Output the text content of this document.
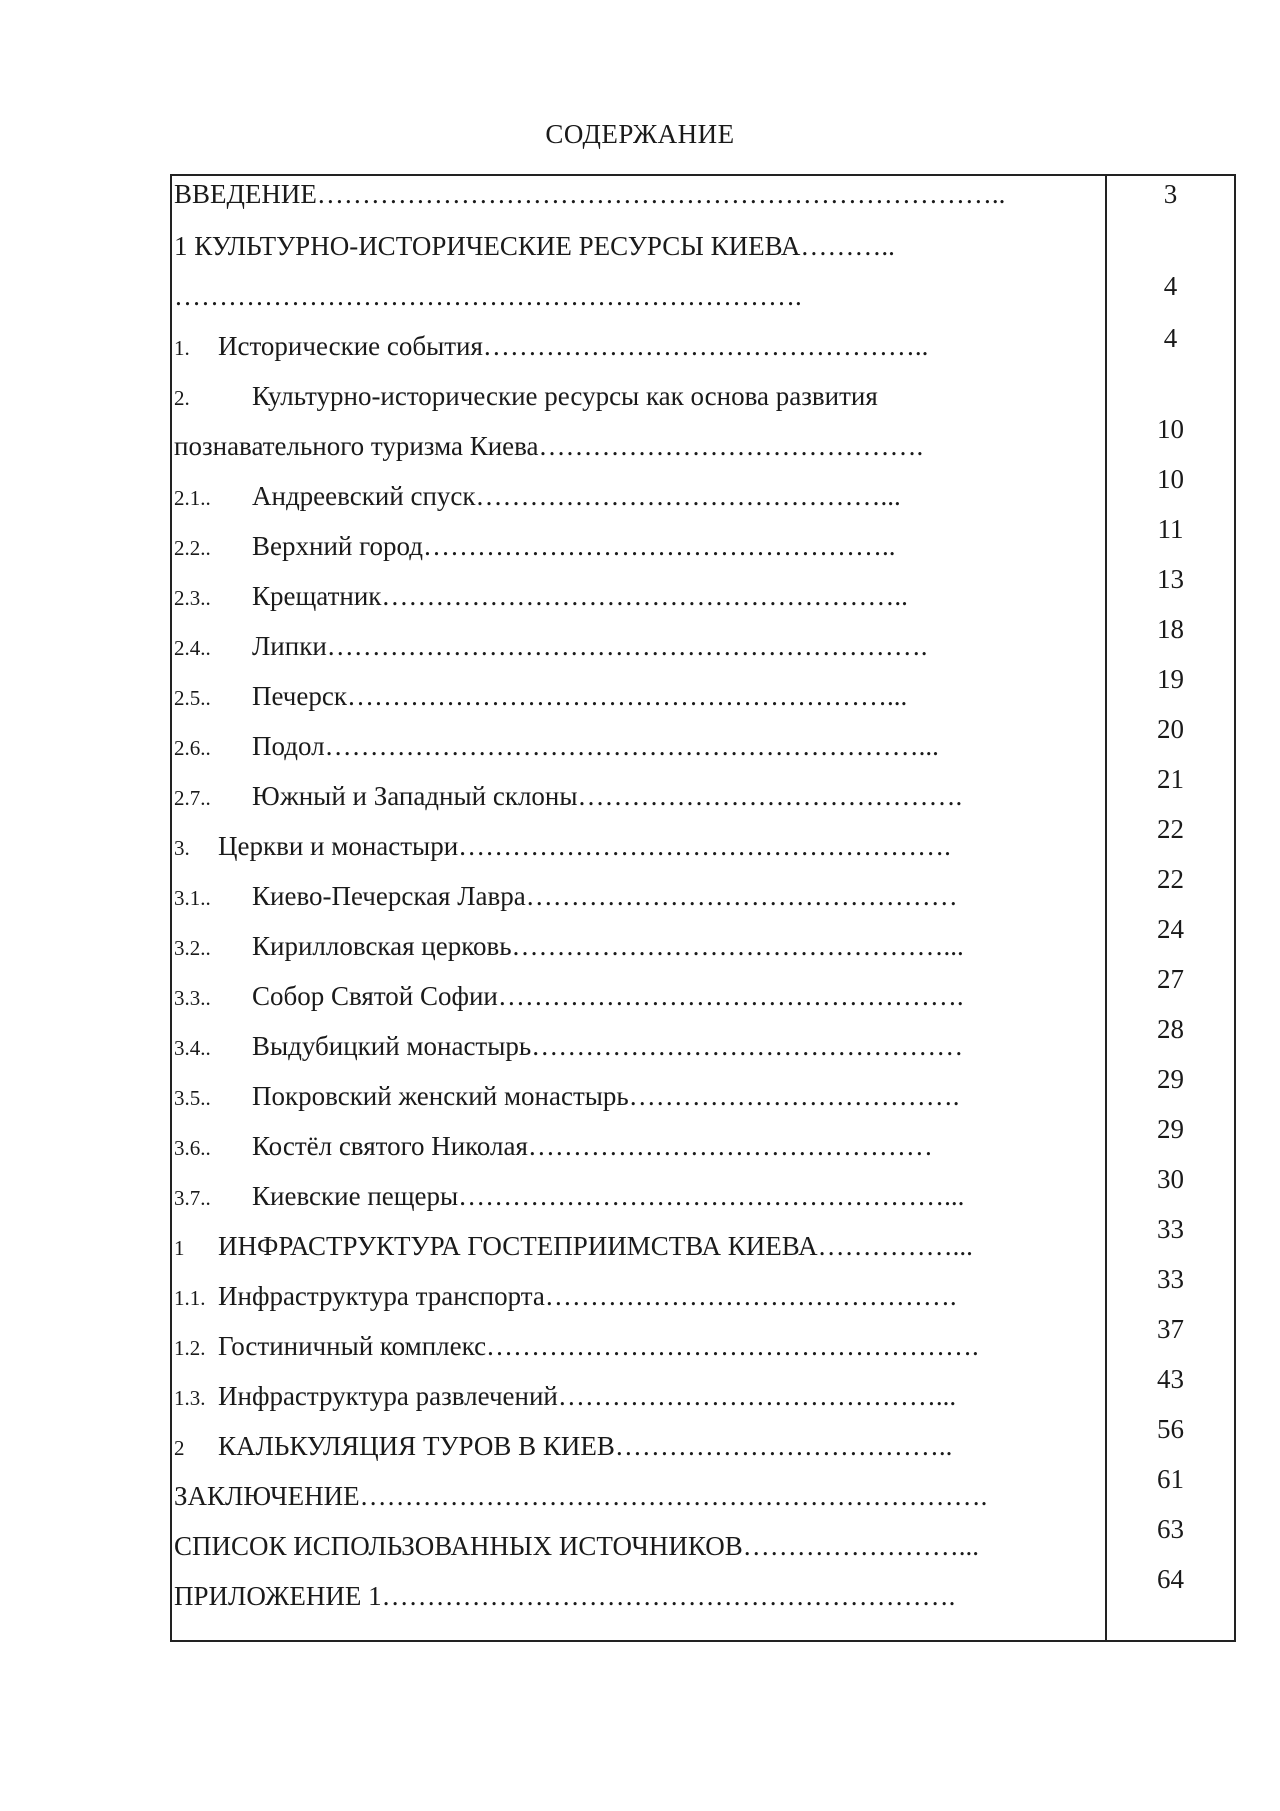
СОДЕРЖАНИЕ
ВВЕДЕНИЕ…………………………………………………………………..
1 КУЛЬТУРНО-ИСТОРИЧЕСКИЕ РЕСУРСЫ КИЕВА………..
…………………………………………………………….
1. Исторические события…………………………………………..
2. Культурно-исторические ресурсы как основа развития
познавательного туризма Киева…………………………………….
2.1.. Андреевский спуск………………………………………...
2.2.. Верхний город……………………………………………..
2.3.. Крещатник…………………………………………………..
2.4.. Липки………………………………………………………….
2.5.. Печерск……………………………………………………...
2.6.. Подол…………………………………………………………...
2.7.. Южный и Западный склоны…………………………………….
3. Церкви и монастыри……………………………………………….
3.1.. Киево-Печерская Лавра…………………………………………
3.2.. Кирилловская церковь…………………………………………...
3.3.. Собор Святой Софии…………………………………………….
3.4.. Выдубицкий монастырь…………………………………………
3.5.. Покровский женский монастырь……………………………….
3.6.. Костёл святого Николая………………………………………
3.7.. Киевские пещеры………………………………………………...
1 ИНФРАСТРУКТУРА ГОСТЕПРИИМСТВА КИЕВА……………...
1.1. Инфраструктура транспорта……………………………………….
1.2. Гостиничный комплекс……………………………………………….
1.3. Инфраструктура развлечений……………………………………...
2 КАЛЬКУЛЯЦИЯ ТУРОВ В КИЕВ………………………………..
ЗАКЛЮЧЕНИЕ…………………………………………………………….
СПИСОК ИСПОЛЬЗОВАННЫХ ИСТОЧНИКОВ……………………...
ПРИЛОЖЕНИЕ 1……………………………………………………….
3
4
4
10
10
11
13
18
19
20
21
22
22
24
27
28
29
29
30
33
33
37
43
56
61
63
64
